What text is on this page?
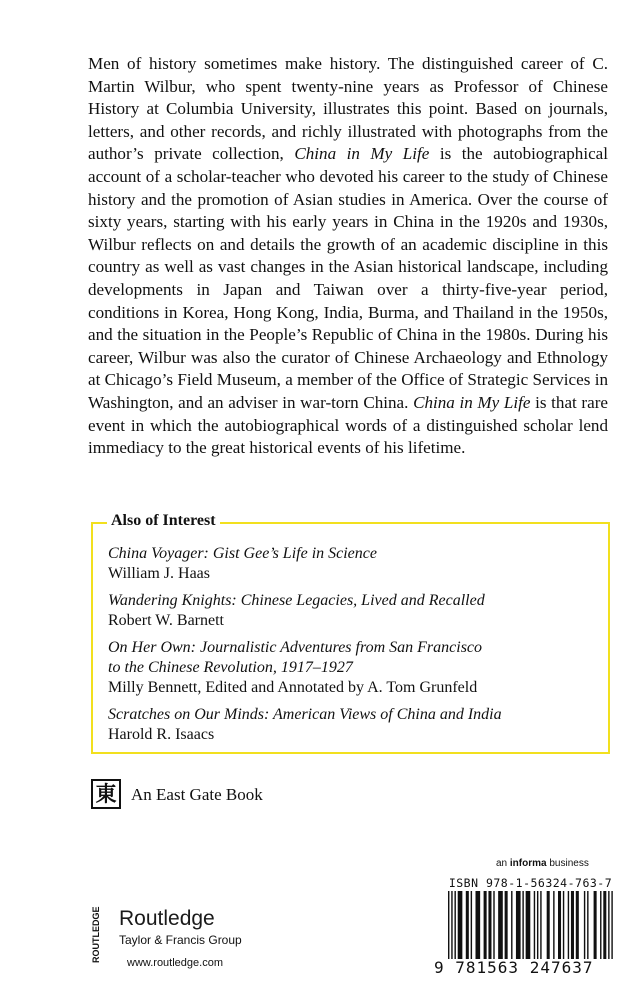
Men of history sometimes make history. The distinguished career of C. Martin Wilbur, who spent twenty-nine years as Professor of Chinese History at Columbia University, illustrates this point. Based on journals, letters, and other records, and richly illustrated with photographs from the author’s private collection, China in My Life is the autobiographical account of a scholar-teacher who devoted his career to the study of Chinese history and the promotion of Asian studies in America. Over the course of sixty years, starting with his early years in China in the 1920s and 1930s, Wilbur reflects on and details the growth of an academic discipline in this country as well as vast changes in the Asian historical landscape, including developments in Japan and Taiwan over a thirty-five-year period, conditions in Korea, Hong Kong, India, Burma, and Thailand in the 1950s, and the situation in the People’s Republic of China in the 1980s. During his career, Wilbur was also the curator of Chinese Archaeology and Ethnology at Chicago’s Field Museum, a member of the Office of Strategic Services in Washington, and an adviser in war-torn China. China in My Life is that rare event in which the autobiographical words of a distinguished scholar lend immediacy to the great historical events of his lifetime.

Also of Interest
China Voyager: Gist Gee’s Life in Science
William J. Haas
Wandering Knights: Chinese Legacies, Lived and Recalled
Robert W. Barnett
On Her Own: Journalistic Adventures from San Francisco
to the Chinese Revolution, 1917–1927
Milly Bennett, Edited and Annotated by A. Tom Grunfeld
Scratches on Our Minds: American Views of China and India
Harold R. Isaacs
東 An East Gate Book
ROUTLEDGE Routledge
Taylor & Francis Group
www.routledge.com
an informa business
ISBN 978-1-56324-763-7
9 781563 247637
